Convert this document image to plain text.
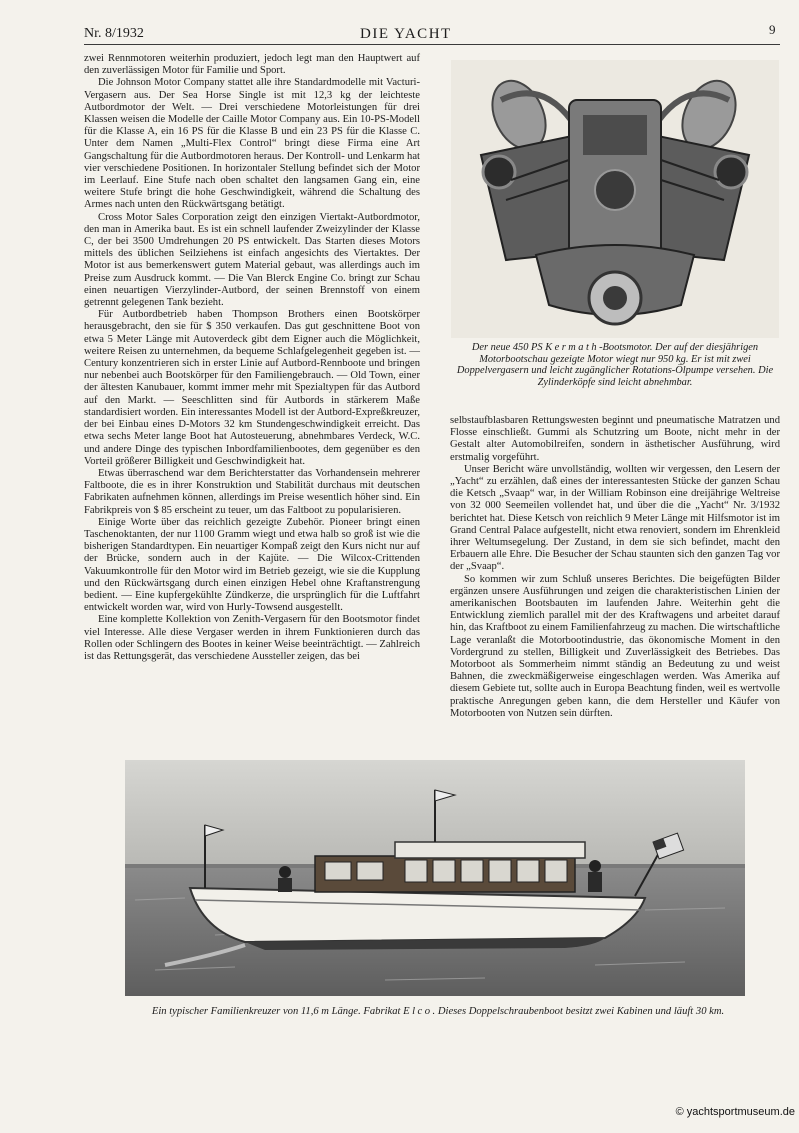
Nr. 8/1932	DIE YACHT	9

zwei Rennmotoren weiterhin produziert, jedoch legt man den Hauptwert auf den zuverlässigen Motor für Familie und Sport.

Die Johnson Motor Company stattet alle ihre Standardmodelle mit Vacturi-Vergasern aus. Der Sea Horse Single ist mit 12,3 kg der leichteste Autbordmotor der Welt. — Drei verschiedene Motorleistungen für drei Klassen weisen die Modelle der Caille Motor Company aus. Ein 10-PS-Modell für die Klasse A, ein 16 PS für die Klasse B und ein 23 PS für die Klasse C. Unter dem Namen „Multi-Flex Control“ bringt diese Firma eine Art Gangschaltung für die Autbordmotoren heraus. Der Kontroll- und Lenkarm hat vier verschiedene Positionen. In horizontaler Stellung befindet sich der Motor im Leerlauf. Eine Stufe nach oben schaltet den langsamen Gang ein, eine weitere Stufe bringt die hohe Geschwindigkeit, während die Schaltung des Armes nach unten den Rückwärtsgang betätigt.

Cross Motor Sales Corporation zeigt den einzigen Viertakt-Autbordmotor, den man in Amerika baut. Es ist ein schnell laufender Zweizylinder der Klasse C, der bei 3500 Umdrehungen 20 PS entwickelt. Das Starten dieses Motors mittels des üblichen Seilziehens ist einfach angesichts des Viertaktes. Der Motor ist aus bemerkenswert gutem Material gebaut, was allerdings auch im Preise zum Ausdruck kommt. — Die Van Blerck Engine Co. bringt zur Schau einen neuartigen Vierzylinder-Autbord, der seinen Brennstoff von einem getrennt gelegenen Tank bezieht.

Für Autbordbetrieb haben Thompson Brothers einen Bootskörper herausgebracht, den sie für $ 350 verkaufen. Das gut geschnittene Boot von etwa 5 Meter Länge mit Autoverdeck gibt dem Eigner auch die Möglichkeit, weitere Reisen zu unternehmen, da bequeme Schlafgelegenheit gegeben ist. — Century konzentrieren sich in erster Linie auf Autbord-Rennboote und bringen nur nebenbei auch Bootskörper für den Familiengebrauch. — Old Town, einer der ältesten Kanubauer, kommt immer mehr mit Spezialtypen für das Autbord auf den Markt. — Seeschlitten sind für Autbords in stärkerem Maße standardisiert worden. Ein interessantes Modell ist der Autbord-Expreßkreuzer, der bei Einbau eines D-Motors 32 km Stundengeschwindigkeit erreicht. Das etwa sechs Meter lange Boot hat Autosteuerung, abnehmbares Verdeck, W.C. und andere Dinge des typischen Inbordfamilienbootes, dem gegenüber es den Vorteil größerer Billigkeit und Geschwindigkeit hat.

Etwas überraschend war dem Berichterstatter das Vorhandensein mehrerer Faltboote, die es in ihrer Konstruktion und Stabilität durchaus mit deutschen Fabrikaten aufnehmen können, allerdings im Preise wesentlich höher sind. Ein Fabrikpreis von $ 85 erscheint zu teuer, um das Faltboot zu popularisieren.

Einige Worte über das reichlich gezeigte Zubehör. Pioneer bringt einen Taschenoktanten, der nur 1100 Gramm wiegt und etwa halb so groß ist wie die bisherigen Standardtypen. Ein neuartiger Kompaß zeigt den Kurs nicht nur auf der Brücke, sondern auch in der Kajüte. — Die Wilcox-Crittenden Vakuumkontrolle für den Motor wird im Betrieb gezeigt, wie sie die Kupplung und den Rückwärtsgang durch einen einzigen Hebel ohne Kraftanstrengung bedient. — Eine kupfergekühlte Zündkerze, die ursprünglich für die Luftfahrt entwickelt worden war, wird von Hurly-Towsend ausgestellt.

Eine komplette Kollektion von Zenith-Vergasern für den Bootsmotor findet viel Interesse. Alle diese Vergaser werden in ihrem Funktionieren durch das Rollen oder Schlingern des Bootes in keiner Weise beeinträchtigt. — Zahlreich ist das Rettungsgerät, das verschiedene Aussteller zeigen, das bei

Der neue 450 PS Kermath-Bootsmotor. Der auf der diesjährigen Motorbootschau gezeigte Motor wiegt nur 950 kg. Er ist mit zwei Doppelvergasern und leicht zugänglicher Rotations-Ölpumpe versehen. Die Zylinderköpfe sind leicht abnehmbar.

selbstaufblasbaren Rettungswesten beginnt und pneumatische Matratzen und Flosse einschließt. Gummi als Schutzring um Boote, nicht mehr in der Gestalt alter Automobilreifen, sondern in ästhetischer Ausführung, wird erstmalig vorgeführt.

Unser Bericht wäre unvollständig, wollten wir vergessen, den Lesern der „Yacht“ zu erzählen, daß eines der interessantesten Stücke der ganzen Schau die Ketsch „Svaap“ war, in der William Robinson eine dreijährige Weltreise von 32 000 Seemeilen vollendet hat, und über die die „Yacht“ Nr. 3/1932 berichtet hat. Diese Ketsch von reichlich 9 Meter Länge mit Hilfsmotor ist im Grand Central Palace aufgestellt, nicht etwa renoviert, sondern im Ehrenkleid ihrer Weltumsegelung. Der Zustand, in dem sie sich befindet, macht den Erbauern alle Ehre. Die Besucher der Schau staunten sich den ganzen Tag vor der „Svaap“.

So kommen wir zum Schluß unseres Berichtes. Die beigefügten Bilder ergänzen unsere Ausführungen und zeigen die charakteristischen Linien der amerikanischen Bootsbauten im laufenden Jahre. Weiterhin geht die Entwicklung ziemlich parallel mit der des Kraftwagens und arbeitet darauf hin, das Kraftboot zu einem Familienfahrzeug zu machen. Die wirtschaftliche Lage veranlaßt die Motorbootindustrie, das ökonomische Moment in den Vordergrund zu stellen, Billigkeit und Zuverlässigkeit des Betriebes. Das Motorboot als Sommerheim nimmt ständig an Bedeutung zu und weist Bahnen, die zweckmäßigerweise eingeschlagen werden. Was Amerika auf diesem Gebiete tut, sollte auch in Europa Beachtung finden, weil es wertvolle praktische Anregungen geben kann, die dem Hersteller und Käufer von Motorbooten von Nutzen sein dürften.

Ein typischer Familienkreuzer von 11,6 m Länge. Fabrikat Elco. Dieses Doppelschraubenboot besitzt zwei Kabinen und läuft 30 km.
© yachtsportmuseum.de
